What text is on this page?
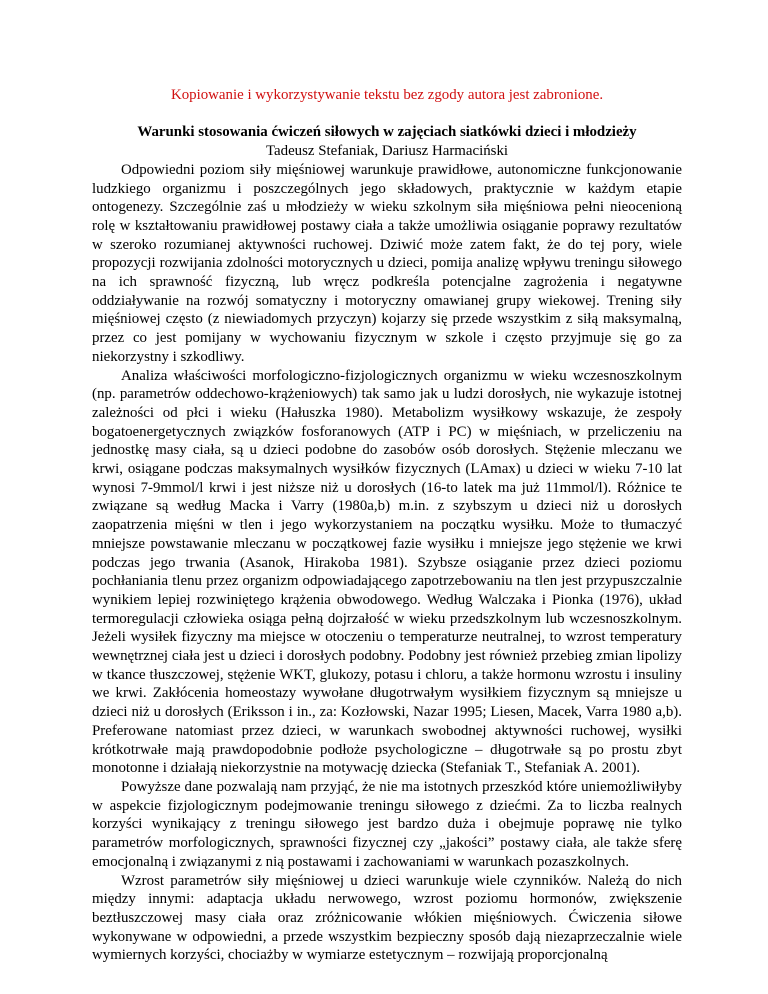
Kopiowanie i wykorzystywanie tekstu bez zgody autora jest zabronione.

Warunki stosowania ćwiczeń siłowych w zajęciach siatkówki dzieci i młodzieży

Tadeusz Stefaniak, Dariusz Harmaciński

Odpowiedni poziom siły mięśniowej warunkuje prawidłowe, autonomiczne funkcjonowanie ludzkiego organizmu i poszczególnych jego składowych, praktycznie w każdym etapie ontogenezy. Szczególnie zaś u młodzieży w wieku szkolnym siła mięśniowa pełni nieocenioną rolę w kształtowaniu prawidłowej postawy ciała a także umożliwia osiąganie poprawy rezultatów w szeroko rozumianej aktywności ruchowej. Dziwić może zatem fakt, że do tej pory, wiele propozycji rozwijania zdolności motorycznych u dzieci, pomija analizę wpływu treningu siłowego na ich sprawność fizyczną, lub wręcz podkreśla potencjalne zagrożenia i negatywne oddziaływanie na rozwój somatyczny i motoryczny omawianej grupy wiekowej. Trening siły mięśniowej często (z niewiadomych przyczyn) kojarzy się przede wszystkim z siłą maksymalną, przez co jest pomijany w wychowaniu fizycznym w szkole i często przyjmuje się go za niekorzystny i szkodliwy.

Analiza właściwości morfologiczno-fizjologicznych organizmu w wieku wczesnoszkolnym (np. parametrów oddechowo-krążeniowych) tak samo jak u ludzi dorosłych, nie wykazuje istotnej zależności od płci i wieku (Hałuszka 1980). Metabolizm wysiłkowy wskazuje, że zespoły bogatoenergetycznych związków fosforanowych (ATP i PC) w mięśniach, w przeliczeniu na jednostkę masy ciała, są u dzieci podobne do zasobów osób dorosłych. Stężenie mleczanu we krwi, osiągane podczas maksymalnych wysiłków fizycznych (LAmax) u dzieci w wieku 7-10 lat wynosi 7-9mmol/l krwi i jest niższe niż u dorosłych (16-to latek ma już 11mmol/l). Różnice te związane są według Macka i Varry (1980a,b) m.in. z szybszym u dzieci niż u dorosłych zaopatrzenia mięśni w tlen i jego wykorzystaniem na początku wysiłku. Może to tłumaczyć mniejsze powstawanie mleczanu w początkowej fazie wysiłku i mniejsze jego stężenie we krwi podczas jego trwania (Asanok, Hirakoba 1981). Szybsze osiąganie przez dzieci poziomu pochłaniania tlenu przez organizm odpowiadającego zapotrzebowaniu na tlen jest przypuszczalnie wynikiem lepiej rozwiniętego krążenia obwodowego. Według Walczaka i Pionka (1976), układ termoregulacji człowieka osiąga pełną dojrzałość w wieku przedszkolnym lub wczesnoszkolnym. Jeżeli wysiłek fizyczny ma miejsce w otoczeniu o temperaturze neutralnej, to wzrost temperatury wewnętrznej ciała jest u dzieci i dorosłych podobny. Podobny jest również przebieg zmian lipolizy w tkance tłuszczowej, stężenie WKT, glukozy, potasu i chloru, a także hormonu wzrostu i insuliny we krwi. Zakłócenia homeostazy wywołane długotrwałym wysiłkiem fizycznym są mniejsze u dzieci niż u dorosłych (Eriksson i in., za: Kozłowski, Nazar 1995; Liesen, Macek, Varra 1980 a,b). Preferowane natomiast przez dzieci, w warunkach swobodnej aktywności ruchowej, wysiłki krótkotrwałe mają prawdopodobnie podłoże psychologiczne – długotrwałe są po prostu zbyt monotonne i działają niekorzystnie na motywację dziecka (Stefaniak T., Stefaniak A. 2001).

Powyższe dane pozwalają nam przyjąć, że nie ma istotnych przeszkód które uniemożliwiłyby w aspekcie fizjologicznym podejmowanie treningu siłowego z dziećmi. Za to liczba realnych korzyści wynikający z treningu siłowego jest bardzo duża i obejmuje poprawę nie tylko parametrów morfologicznych, sprawności fizycznej czy „jakości” postawy ciała, ale także sferę emocjonalną i związanymi z nią postawami i zachowaniami w warunkach pozaszkolnych.

Wzrost parametrów siły mięśniowej u dzieci warunkuje wiele czynników. Należą do nich między innymi: adaptacja układu nerwowego, wzrost poziomu hormonów, zwiększenie beztłuszczowej masy ciała oraz zróżnicowanie włókien mięśniowych. Ćwiczenia siłowe wykonywane w odpowiedni, a przede wszystkim bezpieczny sposób dają niezaprzeczalnie wiele wymiernych korzyści, chociażby w wymiarze estetycznym – rozwijają proporcjonalną
